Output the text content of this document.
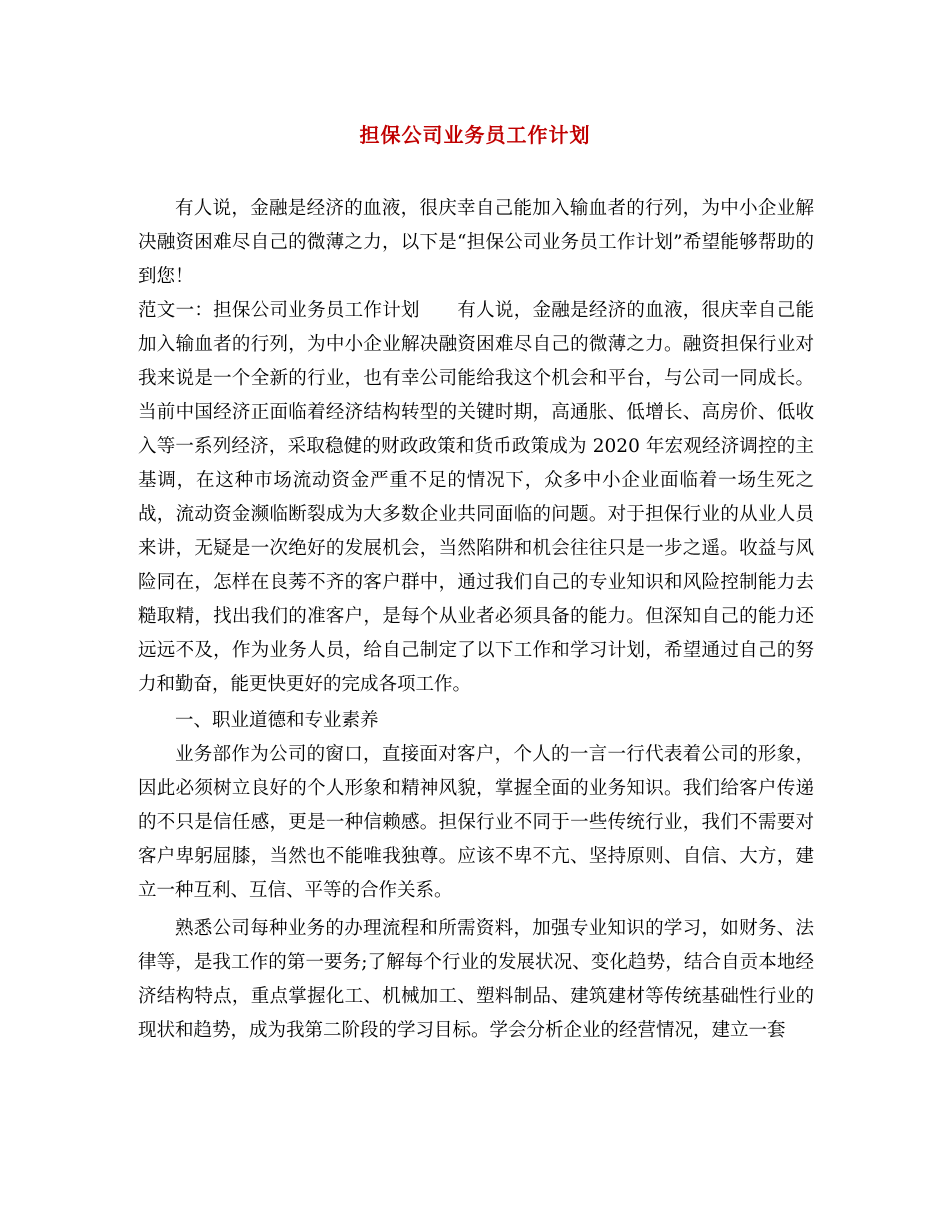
担保公司业务员工作计划

有人说，金融是经济的血液，很庆幸自己能加入输血者的行列，为中小企业解决融资困难尽自己的微薄之力，以下是“担保公司业务员工作计划”希望能够帮助的到您！

范文一：担保公司业务员工作计划　　有人说，金融是经济的血液，很庆幸自己能加入输血者的行列，为中小企业解决融资困难尽自己的微薄之力。融资担保行业对我来说是一个全新的行业，也有幸公司能给我这个机会和平台，与公司一同成长。当前中国经济正面临着经济结构转型的关键时期，高通胀、低增长、高房价、低收入等一系列经济，采取稳健的财政政策和货币政策成为 2020 年宏观经济调控的主基调，在这种市场流动资金严重不足的情况下，众多中小企业面临着一场生死之战，流动资金濒临断裂成为大多数企业共同面临的问题。对于担保行业的从业人员来讲，无疑是一次绝好的发展机会，当然陷阱和机会往往只是一步之遥。收益与风险同在，怎样在良莠不齐的客户群中，通过我们自己的专业知识和风险控制能力去糙取精，找出我们的准客户，是每个从业者必须具备的能力。但深知自己的能力还远远不及，作为业务人员，给自己制定了以下工作和学习计划，希望通过自己的努力和勤奋，能更快更好的完成各项工作。

一、职业道德和专业素养

业务部作为公司的窗口，直接面对客户，个人的一言一行代表着公司的形象，因此必须树立良好的个人形象和精神风貌，掌握全面的业务知识。我们给客户传递的不只是信任感，更是一种信赖感。担保行业不同于一些传统行业，我们不需要对客户卑躬屈膝，当然也不能唯我独尊。应该不卑不亢、坚持原则、自信、大方，建立一种互利、互信、平等的合作关系。

熟悉公司每种业务的办理流程和所需资料，加强专业知识的学习，如财务、法律等，是我工作的第一要务;了解每个行业的发展状况、变化趋势，结合自贡本地经济结构特点，重点掌握化工、机械加工、塑料制品、建筑建材等传统基础性行业的现状和趋势，成为我第二阶段的学习目标。学会分析企业的经营情况，建立一套
